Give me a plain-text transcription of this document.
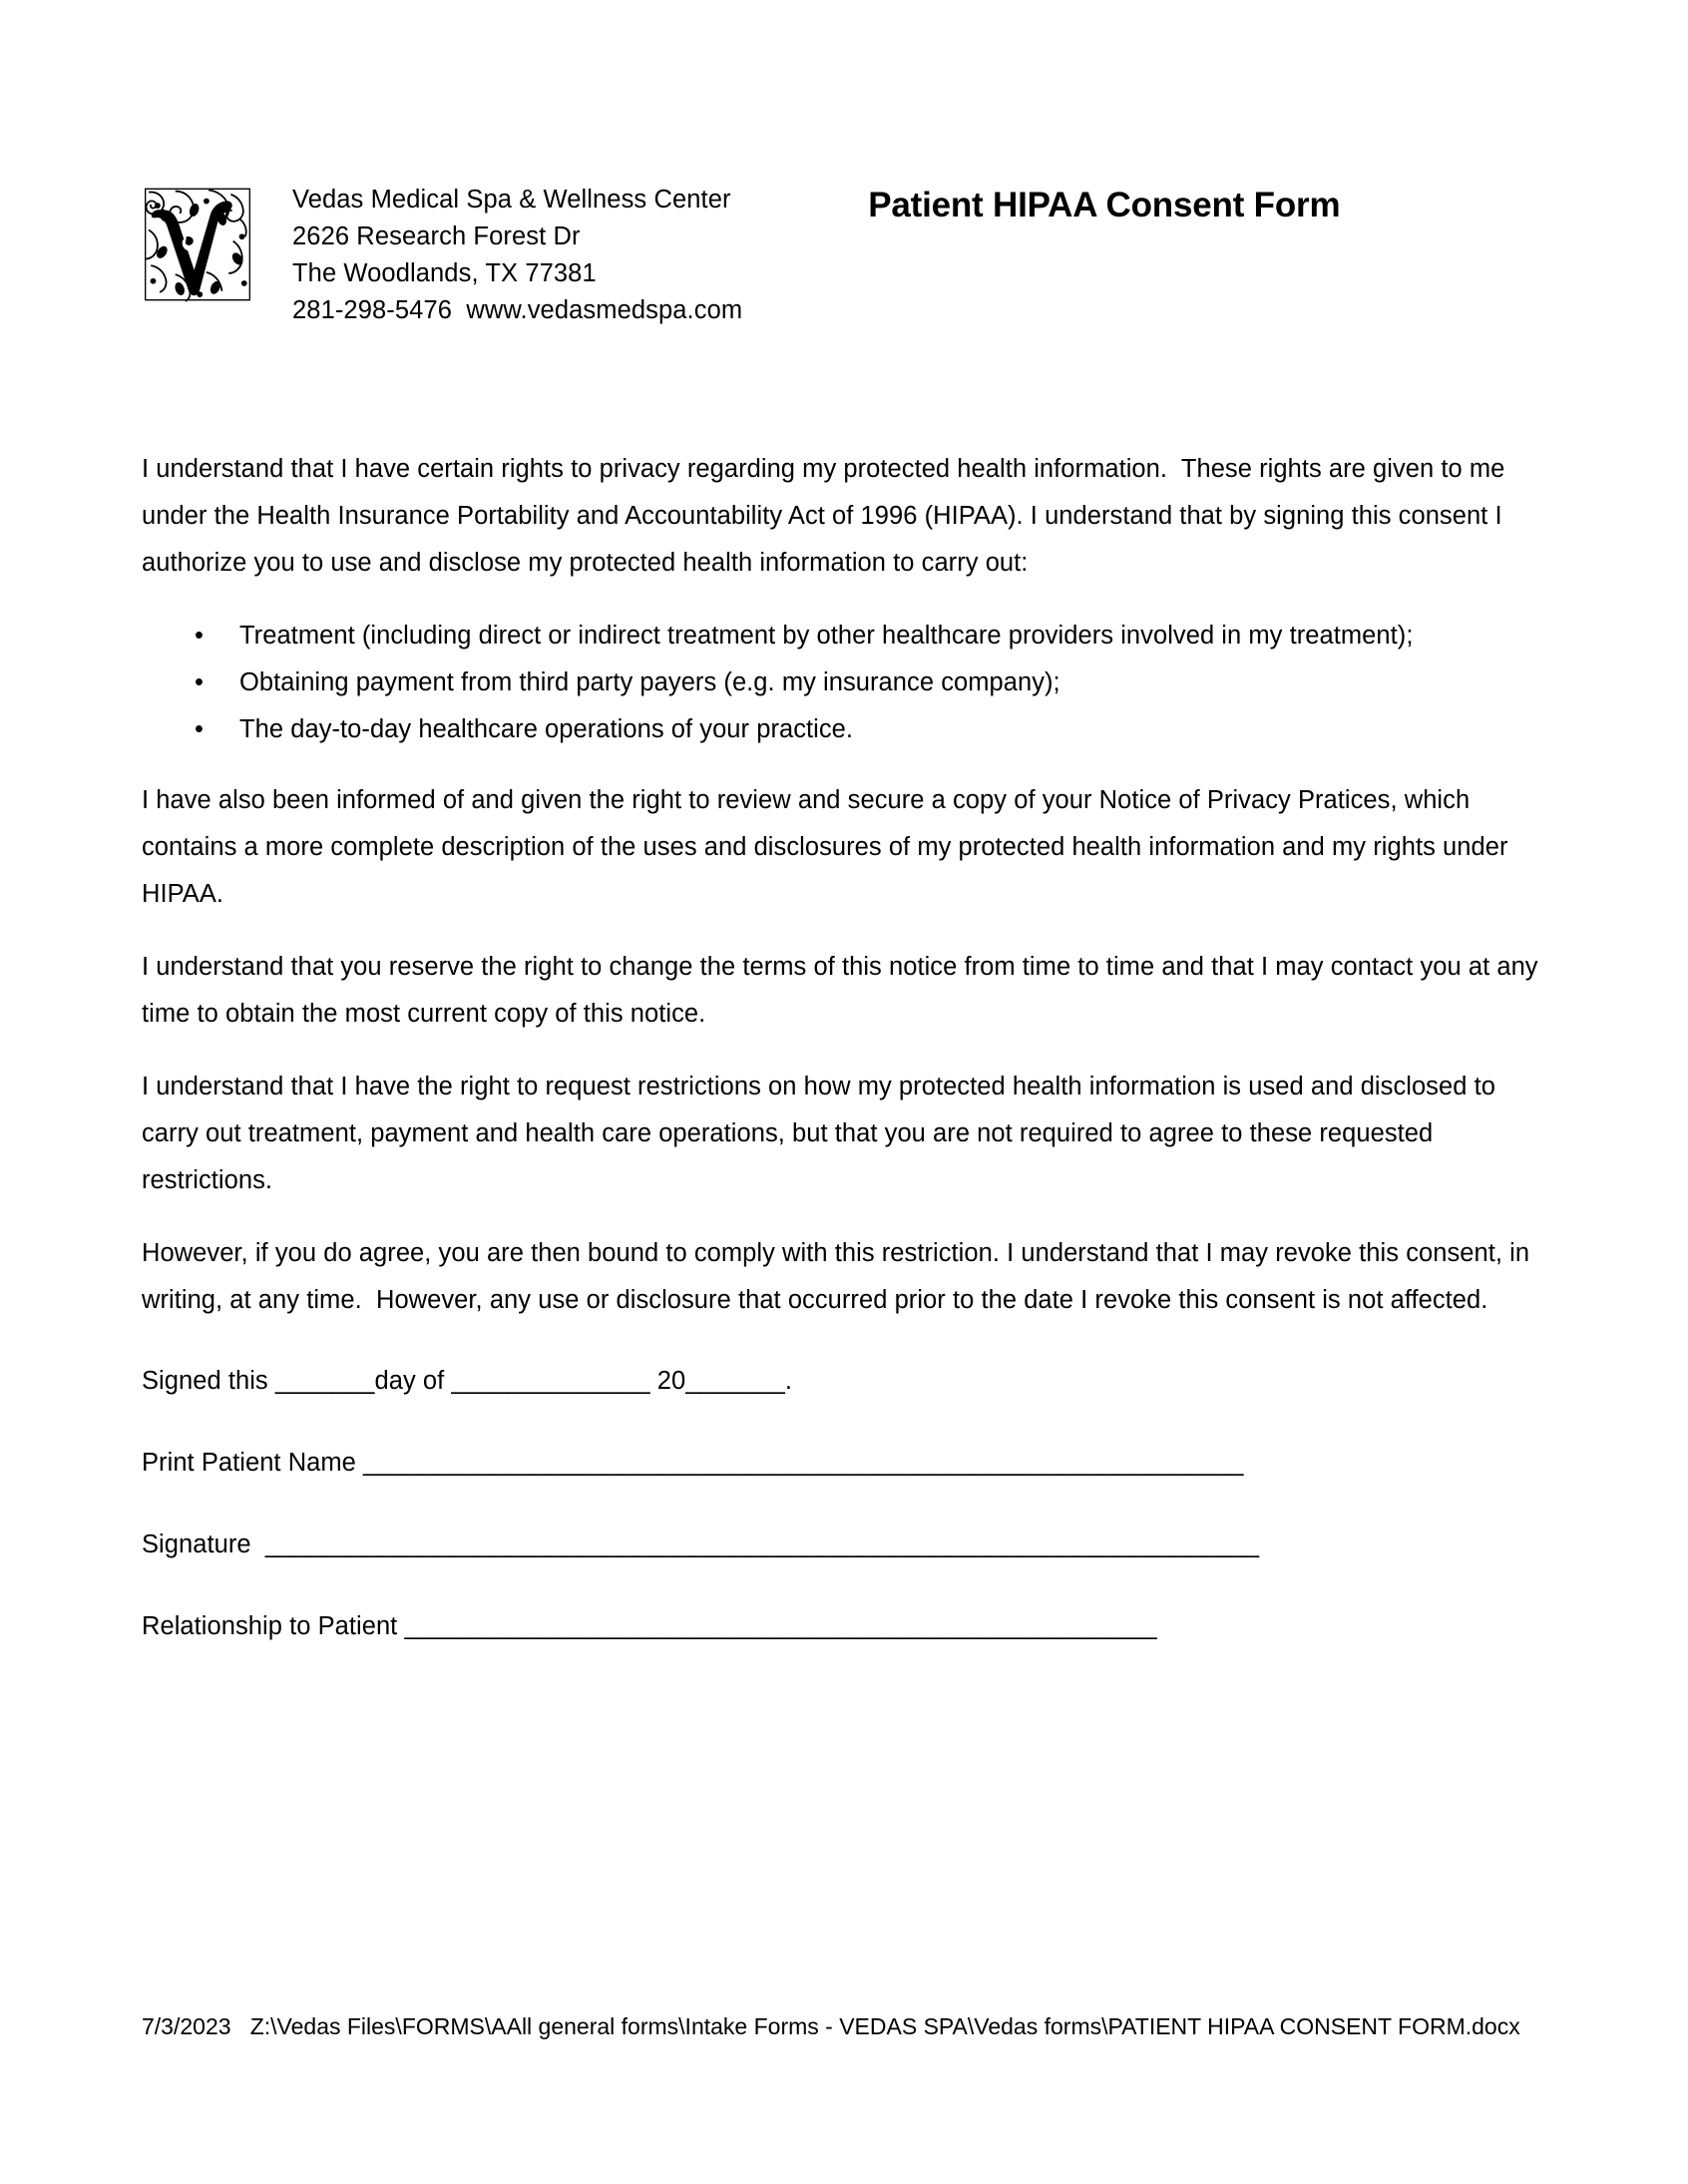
Vedas Medical Spa & Wellness Center
2626 Research Forest Dr
The Woodlands, TX 77381
281-298-5476  www.vedasmedspa.com
Patient HIPAA Consent Form

I understand that I have certain rights to privacy regarding my protected health information.  These rights are given to me under the Health Insurance Portability and Accountability Act of 1996 (HIPAA). I understand that by signing this consent I authorize you to use and disclose my protected health information to carry out:

• Treatment (including direct or indirect treatment by other healthcare providers involved in my treatment);
• Obtaining payment from third party payers (e.g. my insurance company);
• The day-to-day healthcare operations of your practice.

I have also been informed of and given the right to review and secure a copy of your Notice of Privacy Pratices, which contains a more complete description of the uses and disclosures of my protected health information and my rights under HIPAA.

I understand that you reserve the right to change the terms of this notice from time to time and that I may contact you at any time to obtain the most current copy of this notice.

I understand that I have the right to request restrictions on how my protected health information is used and disclosed to carry out treatment, payment and health care operations, but that you are not required to agree to these requested restrictions.

However, if you do agree, you are then bound to comply with this restriction. I understand that I may revoke this consent, in writing, at any time.  However, any use or disclosure that occurred prior to the date I revoke this consent is not affected.

Signed this _______day of ______________ 20_______.
Print Patient Name ______________________________________________________________
Signature  ______________________________________________________________________
Relationship to Patient _____________________________________________________
7/3/2023 Z:\Vedas Files\FORMS\AAll general forms\Intake Forms - VEDAS SPA\Vedas forms\PATIENT HIPAA CONSENT FORM.docx
